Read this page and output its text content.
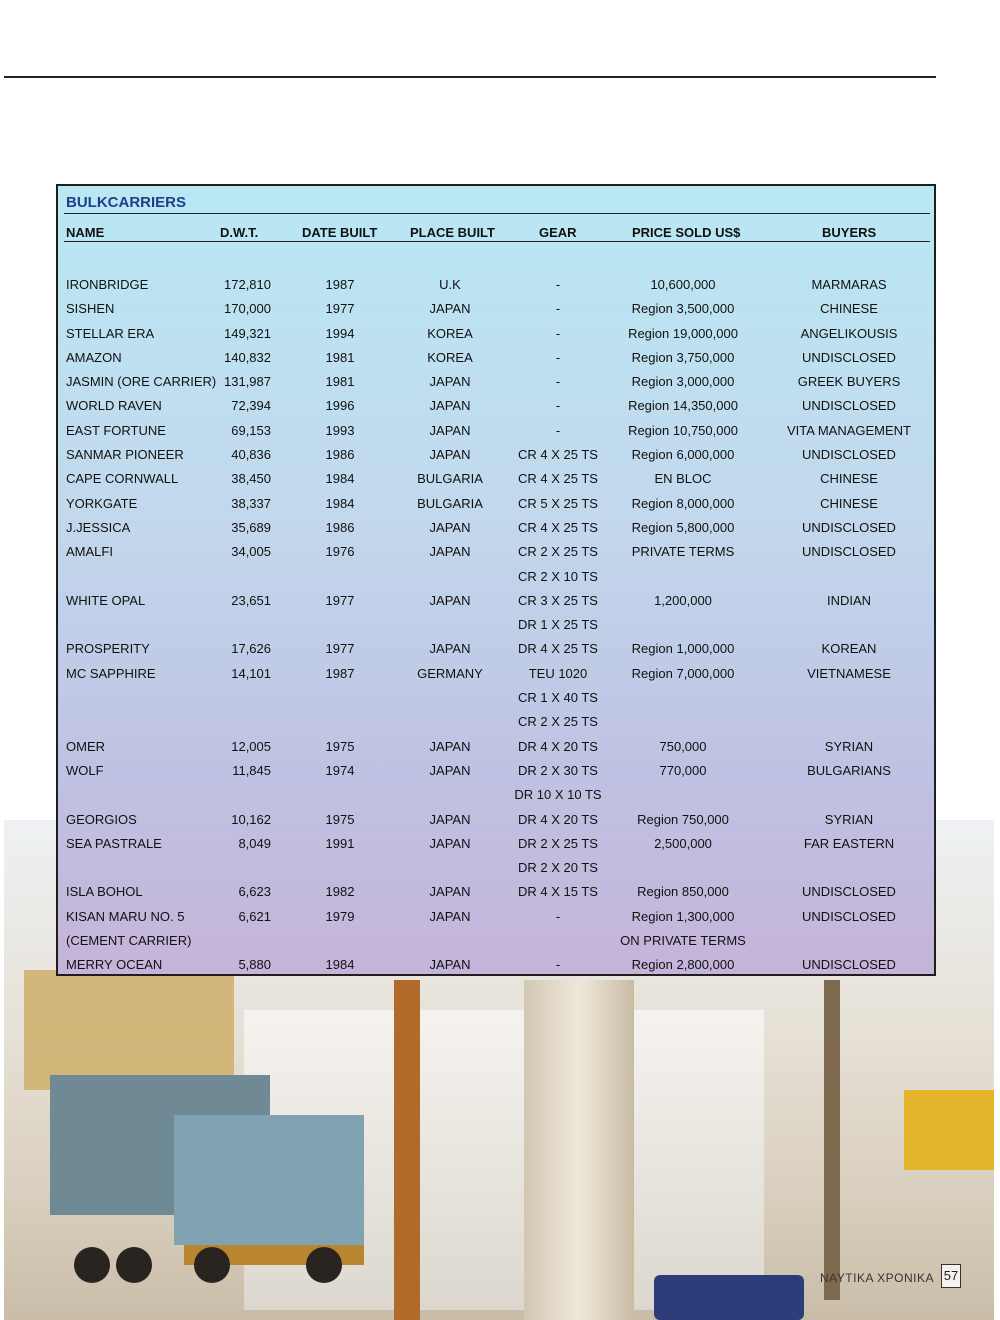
BULKCARRIERS
NAME	D.W.T.	DATE BUILT	PLACE BUILT	GEAR	PRICE SOLD US$	BUYERS
IRONBRIDGE	172,810	1987	U.K	-	10,600,000	MARMARAS
SISHEN	170,000	1977	JAPAN	-	Region 3,500,000	CHINESE
STELLAR ERA	149,321	1994	KOREA	-	Region 19,000,000	ANGELIKOUSIS
AMAZON	140,832	1981	KOREA	-	Region 3,750,000	UNDISCLOSED
JASMIN (ORE CARRIER) 131,987	1981	JAPAN	-	Region 3,000,000	GREEK BUYERS
WORLD RAVEN	72,394	1996	JAPAN	-	Region 14,350,000	UNDISCLOSED
EAST FORTUNE	69,153	1993	JAPAN	-	Region 10,750,000	VITA MANAGEMENT
SANMAR PIONEER	40,836	1986	JAPAN	CR 4 X 25 TS	Region 6,000,000	UNDISCLOSED
CAPE CORNWALL	38,450	1984	BULGARIA	CR 4 X 25 TS	EN BLOC	CHINESE
YORKGATE	38,337	1984	BULGARIA	CR 5 X 25 TS	Region 8,000,000	CHINESE
J.JESSICA	35,689	1986	JAPAN	CR 4 X 25 TS	Region 5,800,000	UNDISCLOSED
AMALFI	34,005	1976	JAPAN	CR 2 X 25 TS	PRIVATE TERMS	UNDISCLOSED
CR 2 X 10 TS
WHITE OPAL	23,651	1977	JAPAN	CR 3 X 25 TS	1,200,000	INDIAN
DR 1 X 25 TS
PROSPERITY	17,626	1977	JAPAN	DR 4 X 25 TS	Region 1,000,000	KOREAN
MC SAPPHIRE	14,101	1987	GERMANY	TEU 1020	Region 7,000,000	VIETNAMESE
CR 1 X 40 TS
CR 2 X 25 TS
OMER	12,005	1975	JAPAN	DR 4 X 20 TS	750,000	SYRIAN
WOLF	11,845	1974	JAPAN	DR 2 X 30 TS	770,000	BULGARIANS
DR 10 X 10 TS
GEORGIOS	10,162	1975	JAPAN	DR 4 X 20 TS	Region 750,000	SYRIAN
SEA PASTRALE	8,049	1991	JAPAN	DR 2 X 25 TS	2,500,000	FAR EASTERN
DR 2 X 20 TS
ISLA BOHOL	6,623	1982	JAPAN	DR 4 X 15 TS	Region 850,000	UNDISCLOSED
KISAN MARU NO. 5	6,621	1979	JAPAN	-	Region 1,300,000	UNDISCLOSED
(CEMENT CARRIER)	ON PRIVATE TERMS
MERRY OCEAN	5,880	1984	JAPAN	-	Region 2,800,000	UNDISCLOSED
ΝΑΥΤΙΚΑ ΧΡΟΝΙΚΑ 57
